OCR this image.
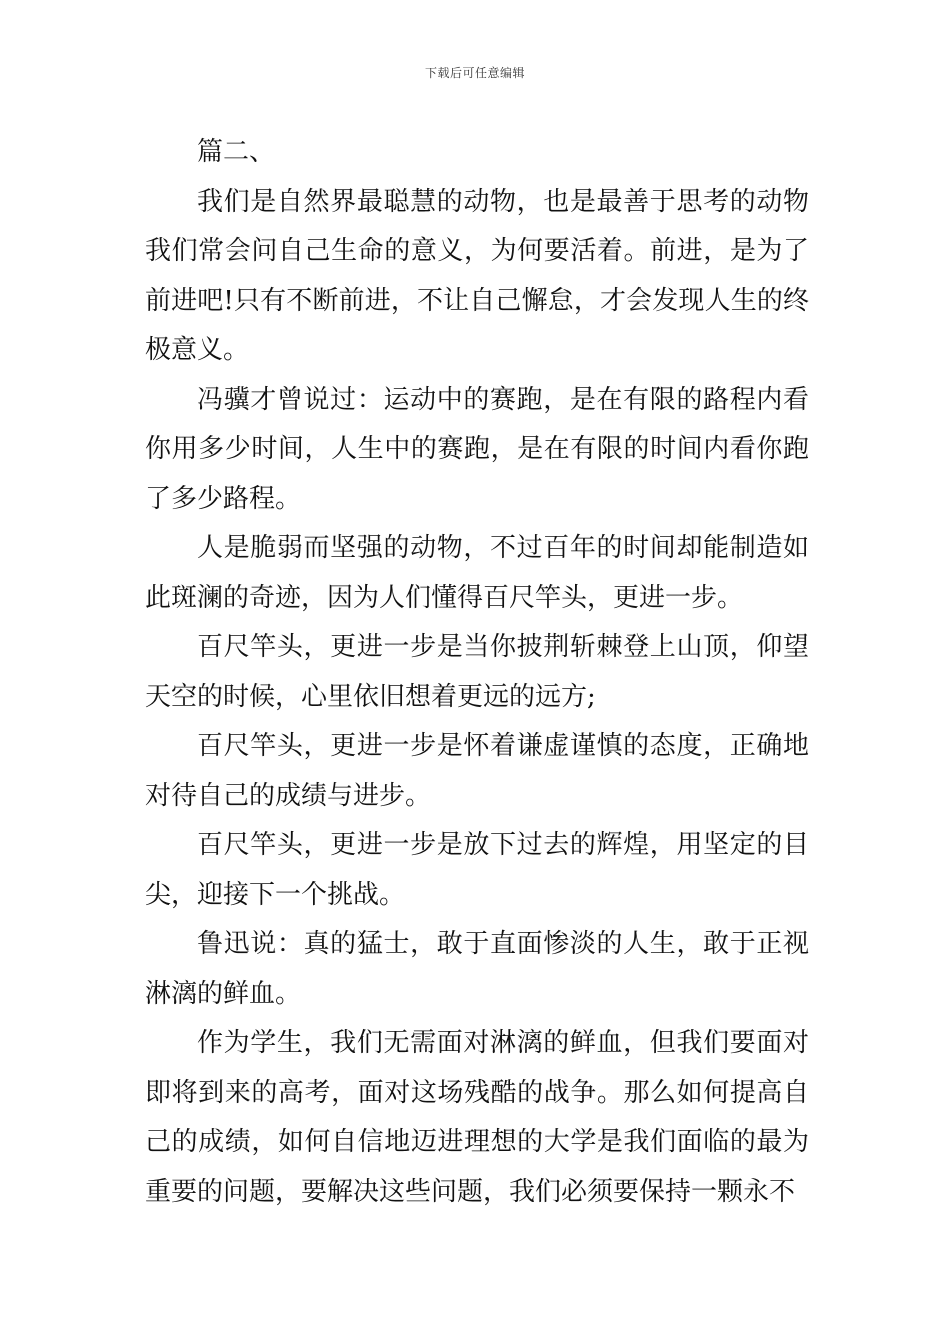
下载后可任意编辑

篇二、

我们是自然界最聪慧的动物，也是最善于思考的动物我们常会问自己生命的意义，为何要活着。前进，是为了前进吧!只有不断前进，不让自己懈怠，才会发现人生的终极意义。

冯骥才曾说过：运动中的赛跑，是在有限的路程内看你用多少时间，人生中的赛跑，是在有限的时间内看你跑了多少路程。

人是脆弱而坚强的动物，不过百年的时间却能制造如此斑澜的奇迹，因为人们懂得百尺竿头，更进一步。

百尺竿头，更进一步是当你披荆斩棘登上山顶，仰望天空的时候，心里依旧想着更远的远方;

百尺竿头，更进一步是怀着谦虚谨慎的态度，正确地对待自己的成绩与进步。

百尺竿头，更进一步是放下过去的辉煌，用坚定的目尖，迎接下一个挑战。

鲁迅说：真的猛士，敢于直面惨淡的人生，敢于正视淋漓的鲜血。

作为学生，我们无需面对淋漓的鲜血，但我们要面对即将到来的高考，面对这场残酷的战争。那么如何提高自己的成绩，如何自信地迈进理想的大学是我们面临的最为重要的问题，要解决这些问题，我们必须要保持一颗永不
